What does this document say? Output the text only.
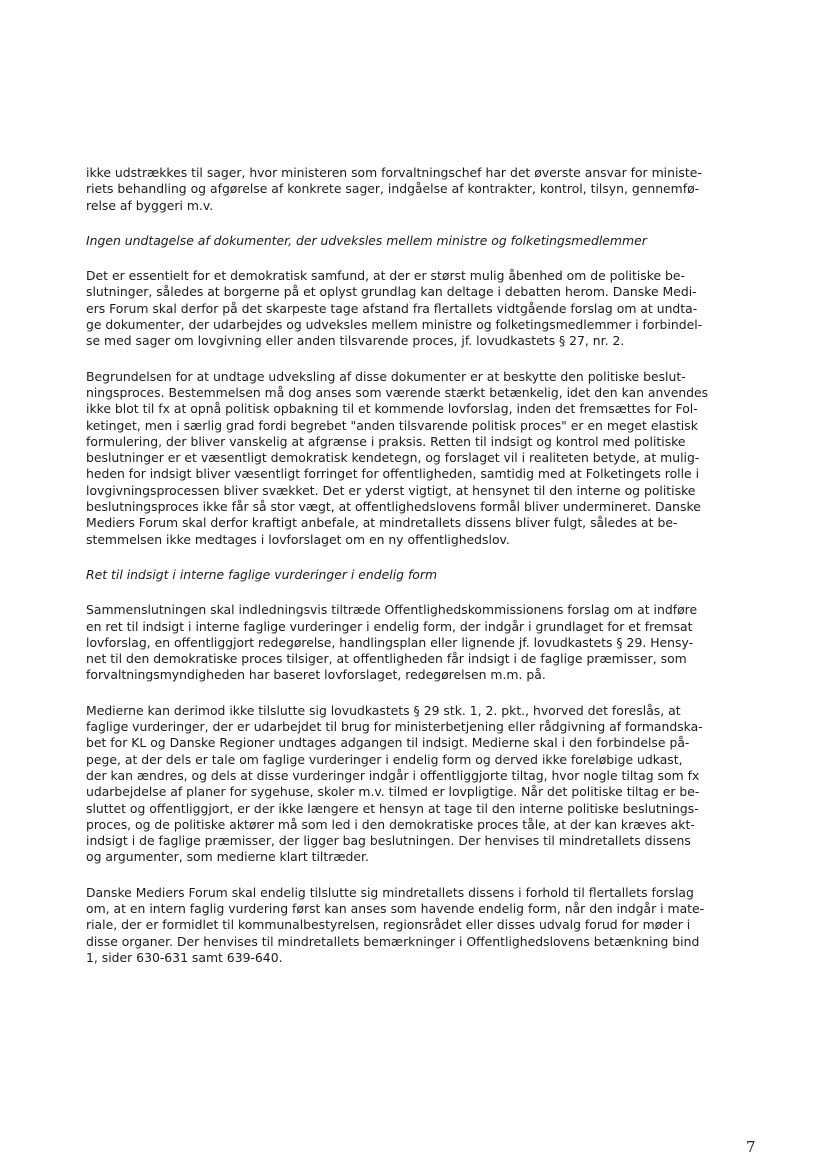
ikke udstrækkes til sager, hvor ministeren som forvaltningschef har det øverste ansvar for ministe-
riets behandling og afgørelse af konkrete sager, indgåelse af kontrakter, kontrol, tilsyn, gennemfø-
relse af byggeri m.v.
Ingen undtagelse af dokumenter, der udveksles mellem ministre og folketingsmedlemmer
Det er essentielt for et demokratisk samfund, at der er størst mulig åbenhed om de politiske be-
slutninger, således at borgerne på et oplyst grundlag kan deltage i debatten herom. Danske Medi-
ers Forum skal derfor på det skarpeste tage afstand fra flertallets vidtgående forslag om at undta-
ge dokumenter, der udarbejdes og udveksles mellem ministre og folketingsmedlemmer i forbindel-
se med sager om lovgivning eller anden tilsvarende proces, jf. lovudkastets § 27, nr. 2.
Begrundelsen for at undtage udveksling af disse dokumenter er at beskytte den politiske beslut-
ningsproces. Bestemmelsen må dog anses som værende stærkt betænkelig, idet den kan anvendes
ikke blot til fx at opnå politisk opbakning til et kommende lovforslag, inden det fremsættes for Fol-
ketinget, men i særlig grad fordi begrebet "anden tilsvarende politisk proces" er en meget elastisk
formulering, der bliver vanskelig at afgrænse i praksis. Retten til indsigt og kontrol med politiske
beslutninger er et væsentligt demokratisk kendetegn, og forslaget vil i realiteten betyde, at mulig-
heden for indsigt bliver væsentligt forringet for offentligheden, samtidig med at Folketingets rolle i
lovgivningsprocessen bliver svækket. Det er yderst vigtigt, at hensynet til den interne og politiske
beslutningsproces ikke får så stor vægt, at offentlighedslovens formål bliver undermineret. Danske
Mediers Forum skal derfor kraftigt anbefale, at mindretallets dissens bliver fulgt, således at be-
stemmelsen ikke medtages i lovforslaget om en ny offentlighedslov.
Ret til indsigt i interne faglige vurderinger i endelig form
Sammenslutningen skal indledningsvis tiltræde Offentlighedskommissionens forslag om at indføre
en ret til indsigt i interne faglige vurderinger i endelig form, der indgår i grundlaget for et fremsat
lovforslag, en offentliggjort redegørelse, handlingsplan eller lignende jf. lovudkastets § 29. Hensy-
net til den demokratiske proces tilsiger, at offentligheden får indsigt i de faglige præmisser, som
forvaltningsmyndigheden har baseret lovforslaget, redegørelsen m.m. på.
Medierne kan derimod ikke tilslutte sig lovudkastets § 29 stk. 1, 2. pkt., hvorved det foreslås, at
faglige vurderinger, der er udarbejdet til brug for ministerbetjening eller rådgivning af formandska-
bet for KL og Danske Regioner undtages adgangen til indsigt. Medierne skal i den forbindelse på-
pege, at der dels er tale om faglige vurderinger i endelig form og derved ikke foreløbige udkast,
der kan ændres, og dels at disse vurderinger indgår i offentliggjorte tiltag, hvor nogle tiltag som fx
udarbejdelse af planer for sygehuse, skoler m.v. tilmed er lovpligtige. Når det politiske tiltag er be-
sluttet og offentliggjort, er der ikke længere et hensyn at tage til den interne politiske beslutnings-
proces, og de politiske aktører må som led i den demokratiske proces tåle, at der kan kræves akt-
indsigt i de faglige præmisser, der ligger bag beslutningen. Der henvises til mindretallets dissens
og argumenter, som medierne klart tiltræder.
Danske Mediers Forum skal endelig tilslutte sig mindretallets dissens i forhold til flertallets forslag
om, at en intern faglig vurdering først kan anses som havende endelig form, når den indgår i mate-
riale, der er formidlet til kommunalbestyrelsen, regionsrådet eller disses udvalg forud for møder i
disse organer. Der henvises til mindretallets bemærkninger i Offentlighedslovens betænkning bind
1, sider 630-631 samt 639-640.
7
